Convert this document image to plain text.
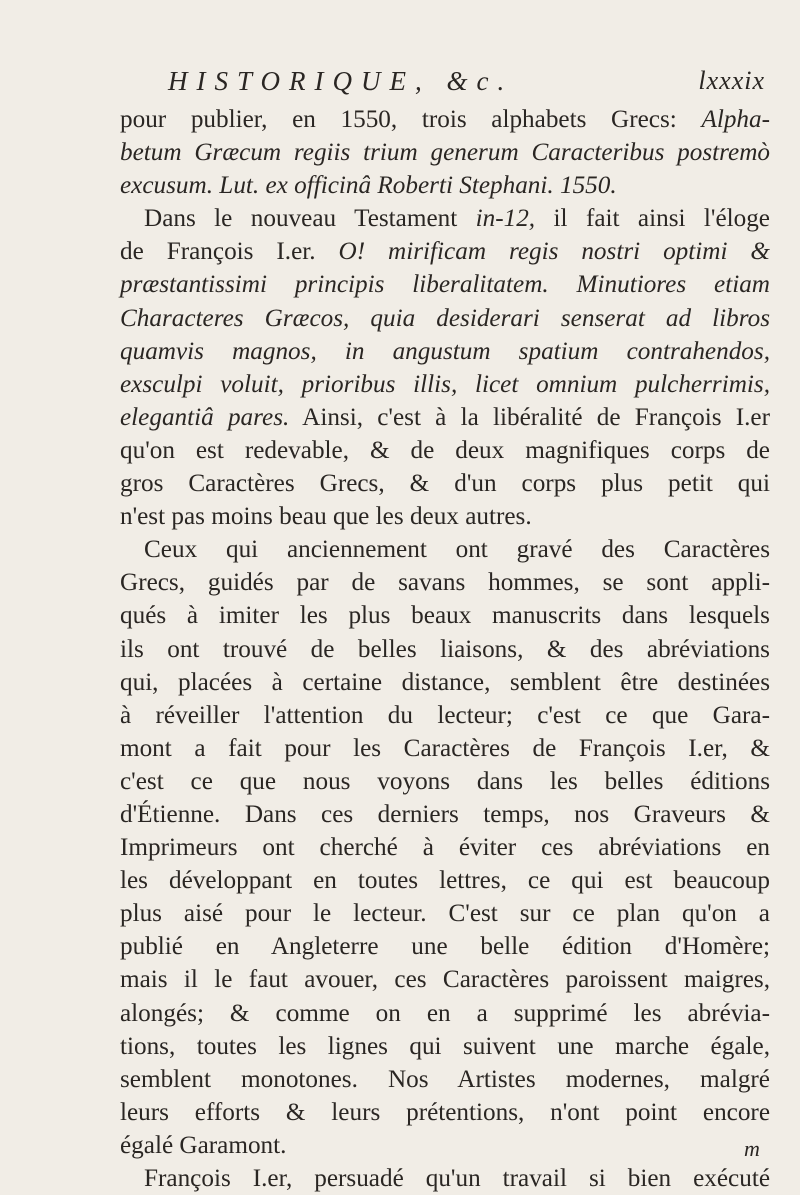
HISTORIQUE, &c.	lxxxix
pour publier, en 1550, trois alphabets Grecs: Alpha-
betum Græcum regiis trium generum Caracteribus postremò
excusum. Lut. ex officinâ Roberti Stephani. 1550.
Dans le nouveau Testament in-12, il fait ainsi l'éloge
de François I.er. O! mirificam regis nostri optimi &
præstantissimi principis liberalitatem. Minutiores etiam
Characteres Græcos, quia desiderari senserat ad libros
quamvis magnos, in angustum spatium contrahendos,
exsculpi voluit, prioribus illis, licet omnium pulcherrimis,
elegantiâ pares. Ainsi, c'est à la libéralité de François I.er
qu'on est redevable, & de deux magnifiques corps de
gros Caractères Grecs, & d'un corps plus petit qui
n'est pas moins beau que les deux autres.
Ceux qui anciennement ont gravé des Caractères
Grecs, guidés par de savans hommes, se sont appli-
qués à imiter les plus beaux manuscrits dans lesquels
ils ont trouvé de belles liaisons, & des abréviations
qui, placées à certaine distance, semblent être destinées
à réveiller l'attention du lecteur; c'est ce que Gara-
mont a fait pour les Caractères de François I.er, &
c'est ce que nous voyons dans les belles éditions
d'Étienne. Dans ces derniers temps, nos Graveurs &
Imprimeurs ont cherché à éviter ces abréviations en
les développant en toutes lettres, ce qui est beaucoup
plus aisé pour le lecteur. C'est sur ce plan qu'on a
publié en Angleterre une belle édition d'Homère;
mais il le faut avouer, ces Caractères paroissent maigres,
alongés; & comme on en a supprimé les abrévia-
tions, toutes les lignes qui suivent une marche égale,
semblent monotones. Nos Artistes modernes, malgré
leurs efforts & leurs prétentions, n'ont point encore
égalé Garamont.
François I.er, persuadé qu'un travail si bien exécuté
m
